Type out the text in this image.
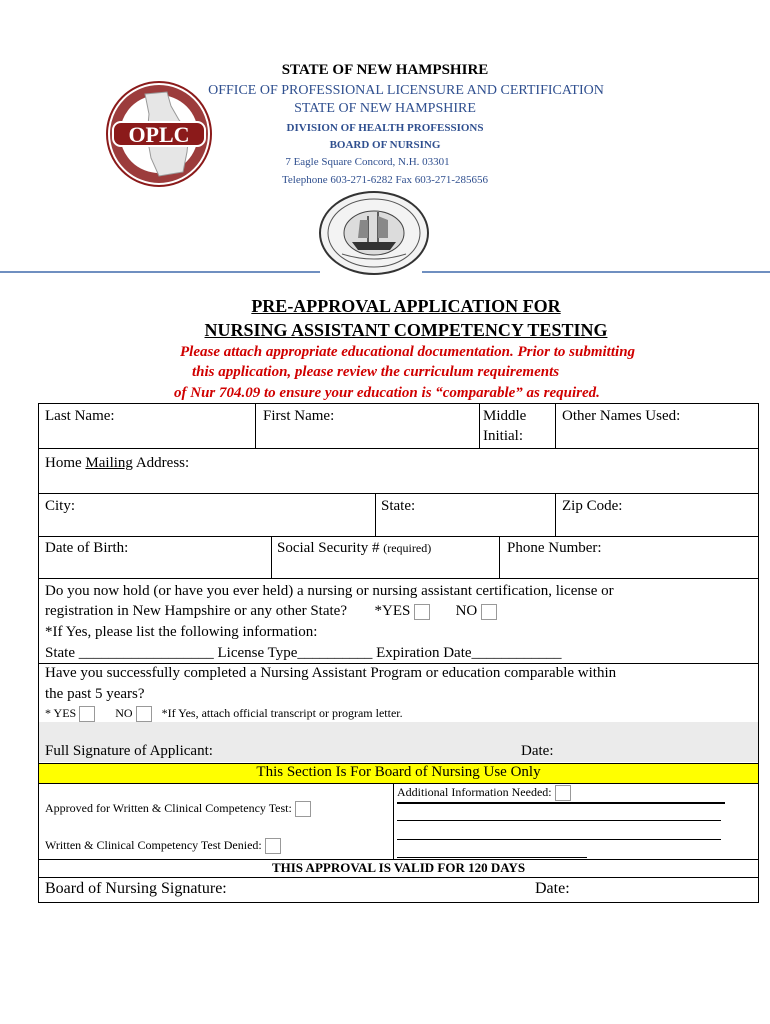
STATE OF NEW HAMPSHIRE
OFFICE OF PROFESSIONAL LICENSURE AND CERTIFICATION
STATE OF NEW HAMPSHIRE
DIVISION OF HEALTH PROFESSIONS
BOARD OF NURSING
7 Eagle Square Concord, N.H. 03301
Telephone 603-271-6282 Fax 603-271-285656
OPLC
PRE-APPROVAL APPLICATION FOR
NURSING ASSISTANT COMPETENCY TESTING
Please attach appropriate educational documentation. Prior to submitting
this application, please review the curriculum requirements
of Nur 704.09 to ensure your education is “comparable” as required.
Last Name:	First Name:	Middle
Initial:
Other Names Used:
Home Mailing Address:
City:	State:	Zip Code:
Date of Birth:	Social Security # (required)	Phone Number:
Do you now hold (or have you ever held) a nursing or nursing assistant certification, license or
registration in New Hampshire or any other State? *YES	NO
*If Yes, please list the following information:
State __________________ License Type__________ Expiration Date____________
Have you successfully completed a Nursing Assistant Program or education comparable within
the past 5 years?
* YES	NO *If Yes, attach official transcript or program letter.
Full Signature of Applicant:	Date:
This Section Is For Board of Nursing Use Only
Approved for Written & Clinical Competency Test:
Written & Clinical Competency Test Denied:
Additional Information Needed:
THIS APPROVAL IS VALID FOR 120 DAYS
Board of Nursing Signature:	Date:
